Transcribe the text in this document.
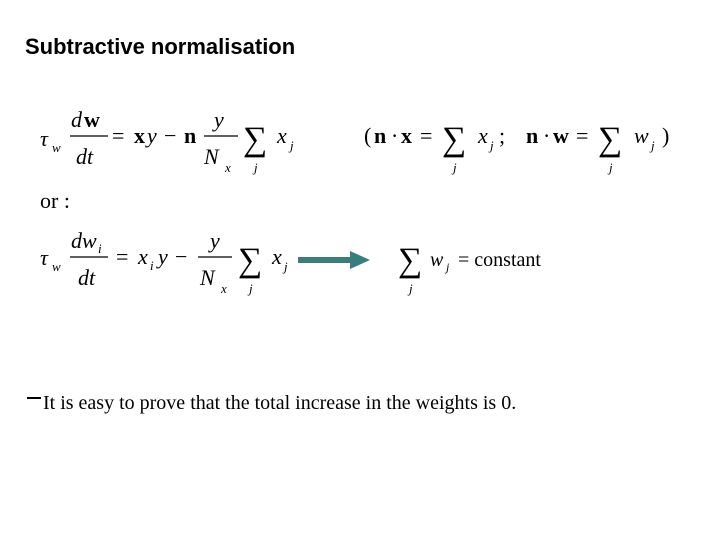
Subtractive normalisation
τ w
d w
dt
= x y − n
y
N x
∑
j
x j	( n · x = ∑
j
x j ; n · w = ∑
j
w j )
or :
τ w
dw i
dt
= x i y −
y
N x
∑
j
x j	∑
j
w j = constant
It is easy to prove that the total increase in the weights is 0.
